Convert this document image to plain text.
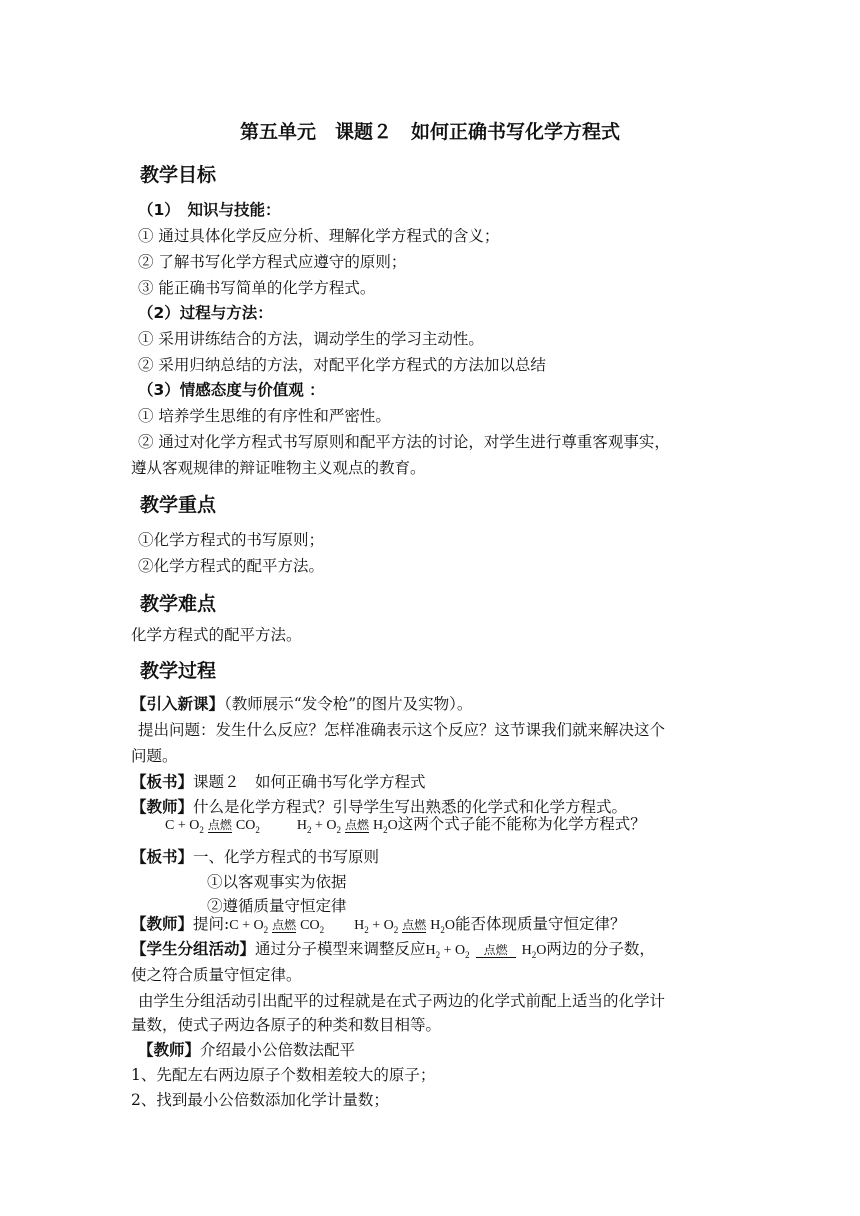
第五单元　课题２　如何正确书写化学方程式
教学目标
（1）　知识与技能：
① 通过具体化学反应分析、理解化学方程式的含义；
② 了解书写化学方程式应遵守的原则；
③ 能正确书写简单的化学方程式。
（2）过程与方法：
① 采用讲练结合的方法，调动学生的学习主动性。
② 采用归纳总结的方法，对配平化学方程式的方法加以总结
（3）情感态度与价值观 ：
① 培养学生思维的有序性和严密性。
② 通过对化学方程式书写原则和配平方法的讨论，对学生进行尊重客观事实，
遵从客观规律的辩证唯物主义观点的教育。
教学重点
①化学方程式的书写原则；
②化学方程式的配平方法。
教学难点
化学方程式的配平方法。
教学过程
【引入新课】（教师展示“发令枪”的图片及实物）。
提出问题：发生什么反应？怎样准确表示这个反应？这节课我们就来解决这个
问题。
【板书】课题２　如何正确书写化学方程式
【教师】什么是化学方程式？引导学生写出熟悉的化学式和化学方程式。
$C + O_2$ 点燃 $CO_2$  $H_2 + O_2$ 点燃 $H_2O$这两个式子能不能称为化学方程式？
【板书】一、化学方程式的书写原则
①以客观事实为依据
②遵循质量守恒定律
【教师】提问:C + $O_2$ 点燃 $CO_2$ $H_2 + O_2$ 点燃 $H_2O$能否体现质量守恒定律？
【学生分组活动】通过分子模型来调整反应$H_2 + O_2$	点燃	$H_2O$两边的分子数，
使之符合质量守恒定律。
由学生分组活动引出配平的过程就是在式子两边的化学式前配上适当的化学计
量数，使式子两边各原子的种类和数目相等。
【教师】介绍最小公倍数法配平
1、先配左右两边原子个数相差较大的原子；
2、找到最小公倍数添加化学计量数；
